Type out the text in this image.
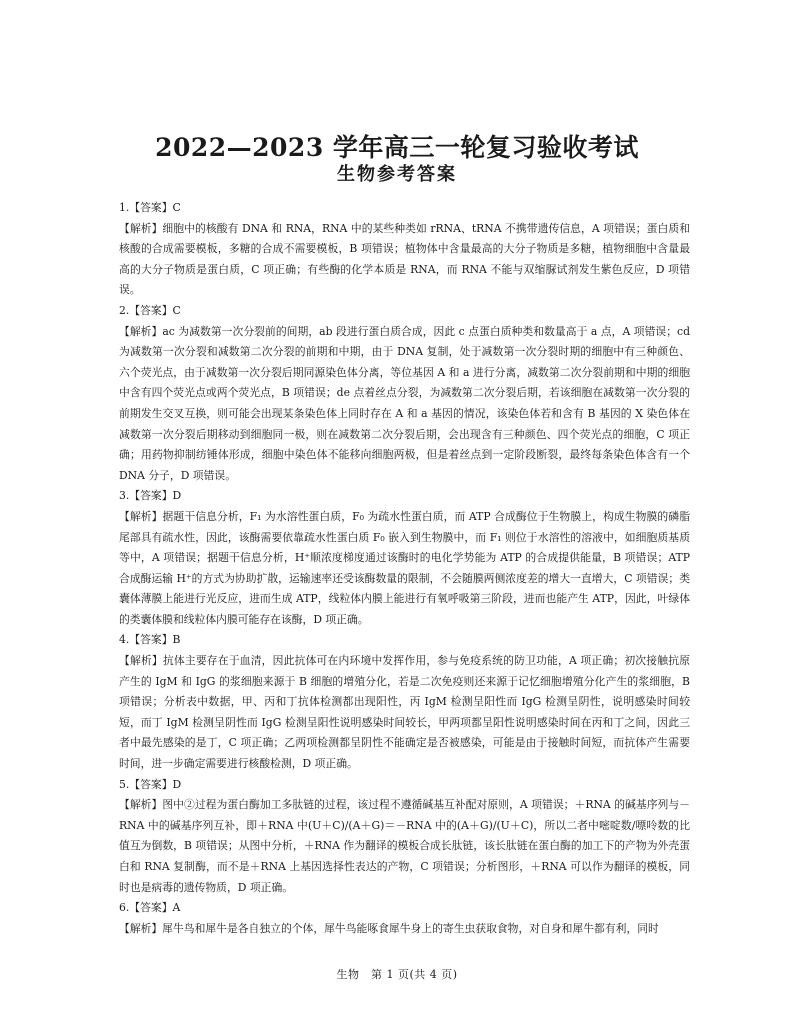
2022—2023 学年高三一轮复习验收考试
生物参考答案
1.【答案】C
【解析】细胞中的核酸有 DNA 和 RNA，RNA 中的某些种类如 rRNA、tRNA 不携带遗传信息，A 项错误；蛋白质和核酸的合成需要模板，多糖的合成不需要模板，B 项错误；植物体中含量最高的大分子物质是多糖，植物细胞中含量最高的大分子物质是蛋白质，C 项正确；有些酶的化学本质是 RNA，而 RNA 不能与双缩脲试剂发生紫色反应，D 项错误。
2.【答案】C
【解析】ac 为减数第一次分裂前的间期，ab 段进行蛋白质合成，因此 c 点蛋白质种类和数量高于 a 点，A 项错误；cd 为减数第一次分裂和减数第二次分裂的前期和中期，由于 DNA 复制，处于减数第一次分裂时期的细胞中有三种颜色、六个荧光点，由于减数第一次分裂后期同源染色体分离，等位基因 A 和 a 进行分离，减数第二次分裂前期和中期的细胞中含有四个荧光点或两个荧光点，B 项错误；de 点着丝点分裂，为减数第二次分裂后期，若该细胞在减数第一次分裂的前期发生交叉互换，则可能会出现某条染色体上同时存在 A 和 a 基因的情况，该染色体若和含有 B 基因的 X 染色体在减数第一次分裂后期移动到细胞同一极，则在减数第二次分裂后期，会出现含有三种颜色、四个荧光点的细胞，C 项正确；用药物抑制纺锤体形成，细胞中染色体不能移向细胞两极，但是着丝点到一定阶段断裂，最终每条染色体含有一个 DNA 分子，D 项错误。
3.【答案】D
【解析】据题干信息分析，F₁ 为水溶性蛋白质，F₀ 为疏水性蛋白质，而 ATP 合成酶位于生物膜上，构成生物膜的磷脂尾部具有疏水性，因此，该酶需要依靠疏水性蛋白质 F₀ 嵌入到生物膜中，而 F₁ 则位于水溶性的溶液中，如细胞质基质等中，A 项错误；据题干信息分析，H⁺顺浓度梯度通过该酶时的电化学势能为 ATP 的合成提供能量，B 项错误；ATP 合成酶运输 H⁺的方式为协助扩散，运输速率还受该酶数量的限制，不会随膜两侧浓度差的增大一直增大，C 项错误；类囊体薄膜上能进行光反应，进而生成 ATP，线粒体内膜上能进行有氧呼吸第三阶段，进而也能产生 ATP，因此，叶绿体的类囊体膜和线粒体内膜可能存在该酶，D 项正确。
4.【答案】B
【解析】抗体主要存在于血清，因此抗体可在内环境中发挥作用，参与免疫系统的防卫功能，A 项正确；初次接触抗原产生的 IgM 和 IgG 的浆细胞来源于 B 细胞的增殖分化，若是二次免疫则还来源于记忆细胞增殖分化产生的浆细胞，B 项错误；分析表中数据，甲、丙和丁抗体检测都出现阳性，丙 IgM 检测呈阳性而 IgG 检测呈阴性，说明感染时间较短，而丁 IgM 检测呈阴性而 IgG 检测呈阳性说明感染时间较长，甲两项都呈阳性说明感染时间在丙和丁之间，因此三者中最先感染的是丁，C 项正确；乙两项检测都呈阴性不能确定是否被感染，可能是由于接触时间短，而抗体产生需要时间，进一步确定需要进行核酸检测，D 项正确。
5.【答案】D
【解析】图中②过程为蛋白酶加工多肽链的过程，该过程不遵循碱基互补配对原则，A 项错误；＋RNA 的碱基序列与－RNA 中的碱基序列互补，即＋RNA 中(U＋C)/(A＋G)＝－RNA 中的(A＋G)/(U＋C)，所以二者中嘧啶数/嘌呤数的比值互为倒数，B 项错误；从图中分析，＋RNA 作为翻译的模板合成长肽链，该长肽链在蛋白酶的加工下的产物为外壳蛋白和 RNA 复制酶，而不是＋RNA 上基因选择性表达的产物，C 项错误；分析图形，＋RNA 可以作为翻译的模板，同时也是病毒的遗传物质，D 项正确。
6.【答案】A
【解析】犀牛鸟和犀牛是各自独立的个体，犀牛鸟能啄食犀牛身上的寄生虫获取食物，对自身和犀牛都有利，同时
生物　第 1 页(共 4 页)
